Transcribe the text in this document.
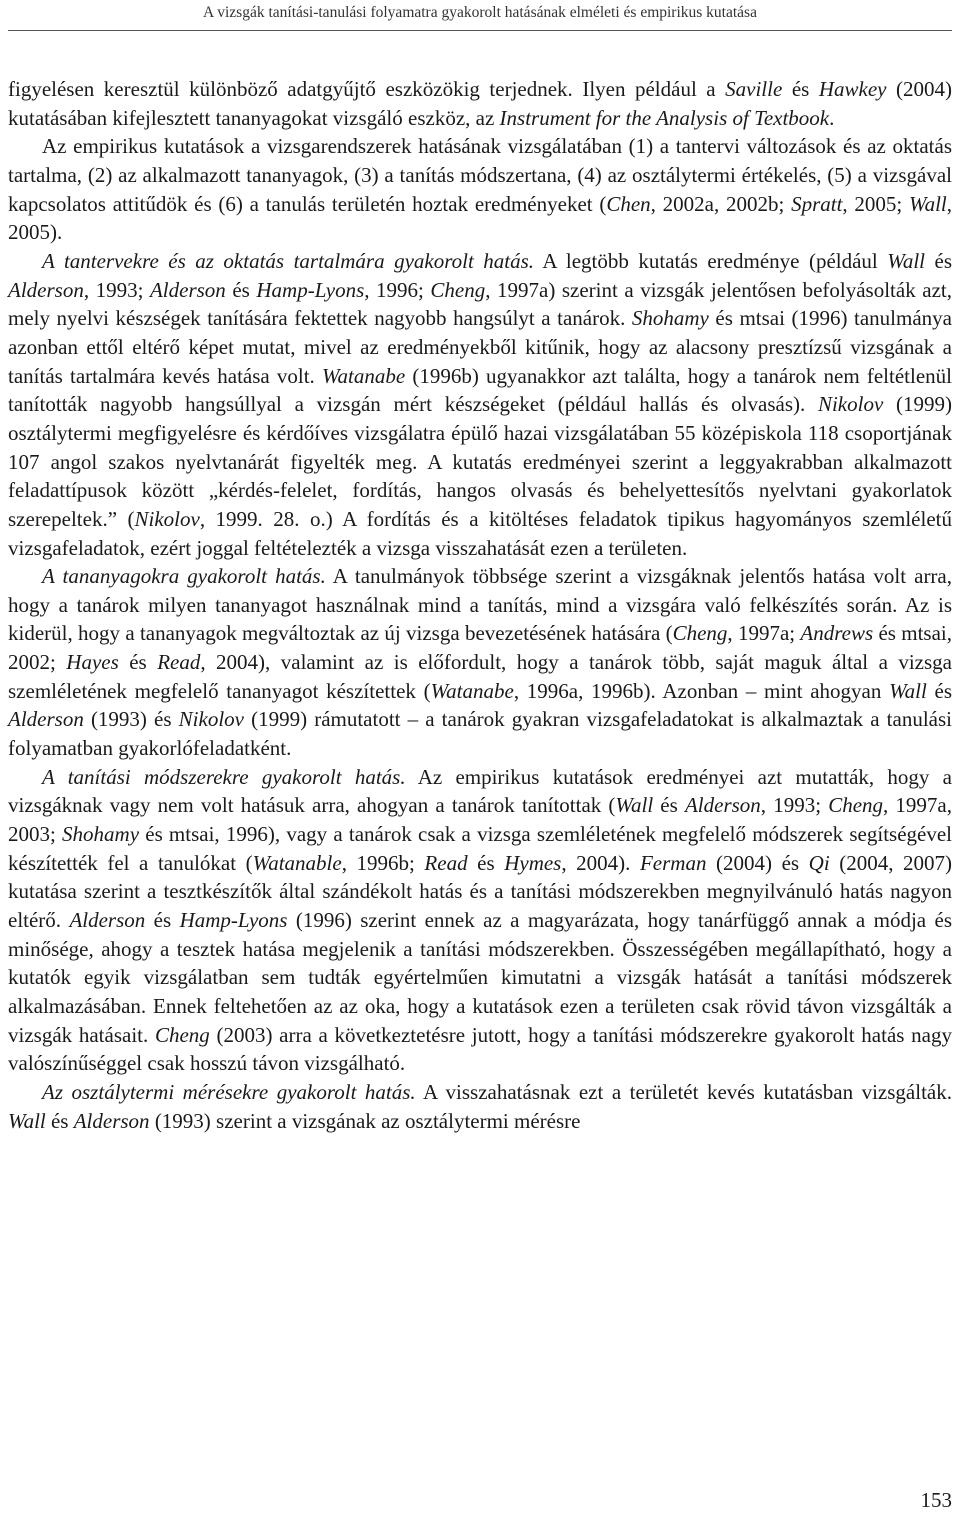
A vizsgák tanítási-tanulási folyamatra gyakorolt hatásának elméleti és empirikus kutatása

figyelésen keresztül különböző adatgyűjtő eszközökig terjednek. Ilyen például a Saville és Hawkey (2004) kutatásában kifejlesztett tananyagokat vizsgáló eszköz, az Instrument for the Analysis of Textbook.

Az empirikus kutatások a vizsgarendszerek hatásának vizsgálatában (1) a tantervi változások és az oktatás tartalma, (2) az alkalmazott tananyagok, (3) a tanítás módszertana, (4) az osztálytermi értékelés, (5) a vizsgával kapcsolatos attitűdök és (6) a tanulás területén hoztak eredményeket (Chen, 2002a, 2002b; Spratt, 2005; Wall, 2005).

A tantervekre és az oktatás tartalmára gyakorolt hatás. A legtöbb kutatás eredménye (például Wall és Alderson, 1993; Alderson és Hamp-Lyons, 1996; Cheng, 1997a) szerint a vizsgák jelentősen befolyásolták azt, mely nyelvi készségek tanítására fektettek nagyobb hangsúlyt a tanárok. Shohamy és mtsai (1996) tanulmánya azonban ettől eltérő képet mutat, mivel az eredményekből kitűnik, hogy az alacsony presztízsű vizsgának a tanítás tartalmára kevés hatása volt. Watanabe (1996b) ugyanakkor azt találta, hogy a tanárok nem feltétlenül tanították nagyobb hangsúllyal a vizsgán mért készségeket (például hallás és olvasás). Nikolov (1999) osztálytermi megfigyelésre és kérdőíves vizsgálatra épülő hazai vizsgálatában 55 középiskola 118 csoportjának 107 angol szakos nyelvtanárát figyelték meg. A kutatás eredményei szerint a leggyakrabban alkalmazott feladattípusok között „kérdés-felelet, fordítás, hangos olvasás és behelyettesítős nyelvtani gyakorlatok szerepeltek.” (Nikolov, 1999. 28. o.) A fordítás és a kitöltéses feladatok tipikus hagyományos szemléletű vizsgafeladatok, ezért joggal feltételezték a vizsga visszahatását ezen a területen.

A tananyagokra gyakorolt hatás. A tanulmányok többsége szerint a vizsgáknak jelentős hatása volt arra, hogy a tanárok milyen tananyagot használnak mind a tanítás, mind a vizsgára való felkészítés során. Az is kiderül, hogy a tananyagok megváltoztak az új vizsga bevezetésének hatására (Cheng, 1997a; Andrews és mtsai, 2002; Hayes és Read, 2004), valamint az is előfordult, hogy a tanárok több, saját maguk által a vizsga szemléletének megfelelő tananyagot készítettek (Watanabe, 1996a, 1996b). Azonban – mint ahogyan Wall és Alderson (1993) és Nikolov (1999) rámutatott – a tanárok gyakran vizsgafeladatokat is alkalmaztak a tanulási folyamatban gyakorlófeladatként.

A tanítási módszerekre gyakorolt hatás. Az empirikus kutatások eredményei azt mutatták, hogy a vizsgáknak vagy nem volt hatásuk arra, ahogyan a tanárok tanítottak (Wall és Alderson, 1993; Cheng, 1997a, 2003; Shohamy és mtsai, 1996), vagy a tanárok csak a vizsga szemléletének megfelelő módszerek segítségével készítették fel a tanulókat (Watanable, 1996b; Read és Hymes, 2004). Ferman (2004) és Qi (2004, 2007) kutatása szerint a tesztkészítők által szándékolt hatás és a tanítási módszerekben megnyilvánuló hatás nagyon eltérő. Alderson és Hamp-Lyons (1996) szerint ennek az a magyarázata, hogy tanárfüggő annak a módja és minősége, ahogy a tesztek hatása megjelenik a tanítási módszerekben. Összességében megállapítható, hogy a kutatók egyik vizsgálatban sem tudták egyértelműen kimutatni a vizsgák hatását a tanítási módszerek alkalmazásában. Ennek feltehetően az az oka, hogy a kutatások ezen a területen csak rövid távon vizsgálták a vizsgák hatásait. Cheng (2003) arra a következtetésre jutott, hogy a tanítási módszerekre gyakorolt hatás nagy valószínűséggel csak hosszú távon vizsgálható.

Az osztálytermi mérésekre gyakorolt hatás. A visszahatásnak ezt a területét kevés kutatásban vizsgálták. Wall és Alderson (1993) szerint a vizsgának az osztálytermi mérésre

153
